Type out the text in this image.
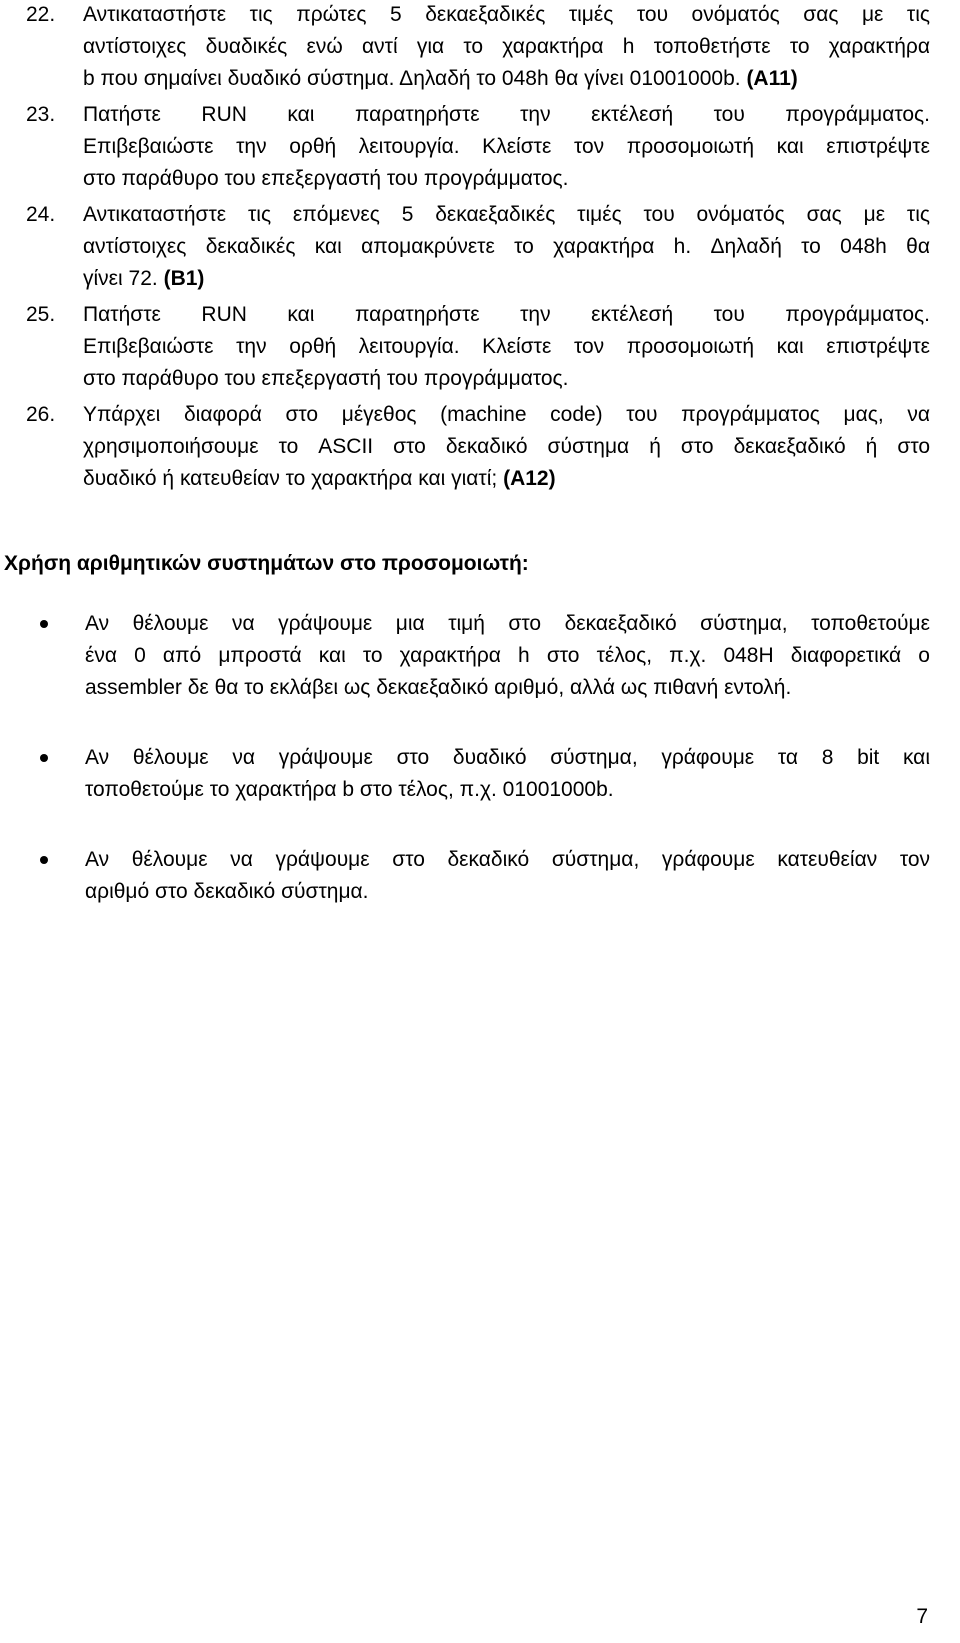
22. Αντικαταστήστε τις πρώτες 5 δεκαεξαδικές τιμές του ονόματός σας με τις
αντίστοιχες δυαδικές ενώ αντί για το χαρακτήρα h τοποθετήστε το χαρακτήρα
b που σημαίνει δυαδικό σύστημα. Δηλαδή το 048h θα γίνει 01001000b. (A11)
23. Πατήστε RUN και παρατηρήστε την εκτέλεσή του προγράμματος.
Επιβεβαιώστε την ορθή λειτουργία. Κλείστε τον προσομοιωτή και επιστρέψτε
στο παράθυρο του επεξεργαστή του προγράμματος.
24. Αντικαταστήστε τις επόμενες 5 δεκαεξαδικές τιμές του ονόματός σας με τις
αντίστοιχες δεκαδικές και απομακρύνετε το χαρακτήρα h. Δηλαδή το 048h θα
γίνει 72. (B1)
25. Πατήστε RUN και παρατηρήστε την εκτέλεσή του προγράμματος.
Επιβεβαιώστε την ορθή λειτουργία. Κλείστε τον προσομοιωτή και επιστρέψτε
στο παράθυρο του επεξεργαστή του προγράμματος.
26. Υπάρχει διαφορά στο μέγεθος (machine code) του προγράμματος μας, να
χρησιμοποιήσουμε το ASCII στο δεκαδικό σύστημα ή στο δεκαεξαδικό ή στο
δυαδικό ή κατευθείαν το χαρακτήρα και γιατί; (A12)
Χρήση αριθμητικών συστημάτων στο προσομοιωτή:
Αν θέλουμε να γράψουμε μια τιμή στο δεκαεξαδικό σύστημα, τοποθετούμε
ένα 0 από μπροστά και το χαρακτήρα h στο τέλος, π.χ. 048H διαφορετικά ο
assembler δε θα το εκλάβει ως δεκαεξαδικό αριθμό, αλλά ως πιθανή εντολή.
Αν θέλουμε να γράψουμε στο δυαδικό σύστημα, γράφουμε τα 8 bit και
τοποθετούμε το χαρακτήρα b στο τέλος, π.χ. 01001000b.
Αν θέλουμε να γράψουμε στο δεκαδικό σύστημα, γράφουμε κατευθείαν τον
αριθμό στο δεκαδικό σύστημα.
7
